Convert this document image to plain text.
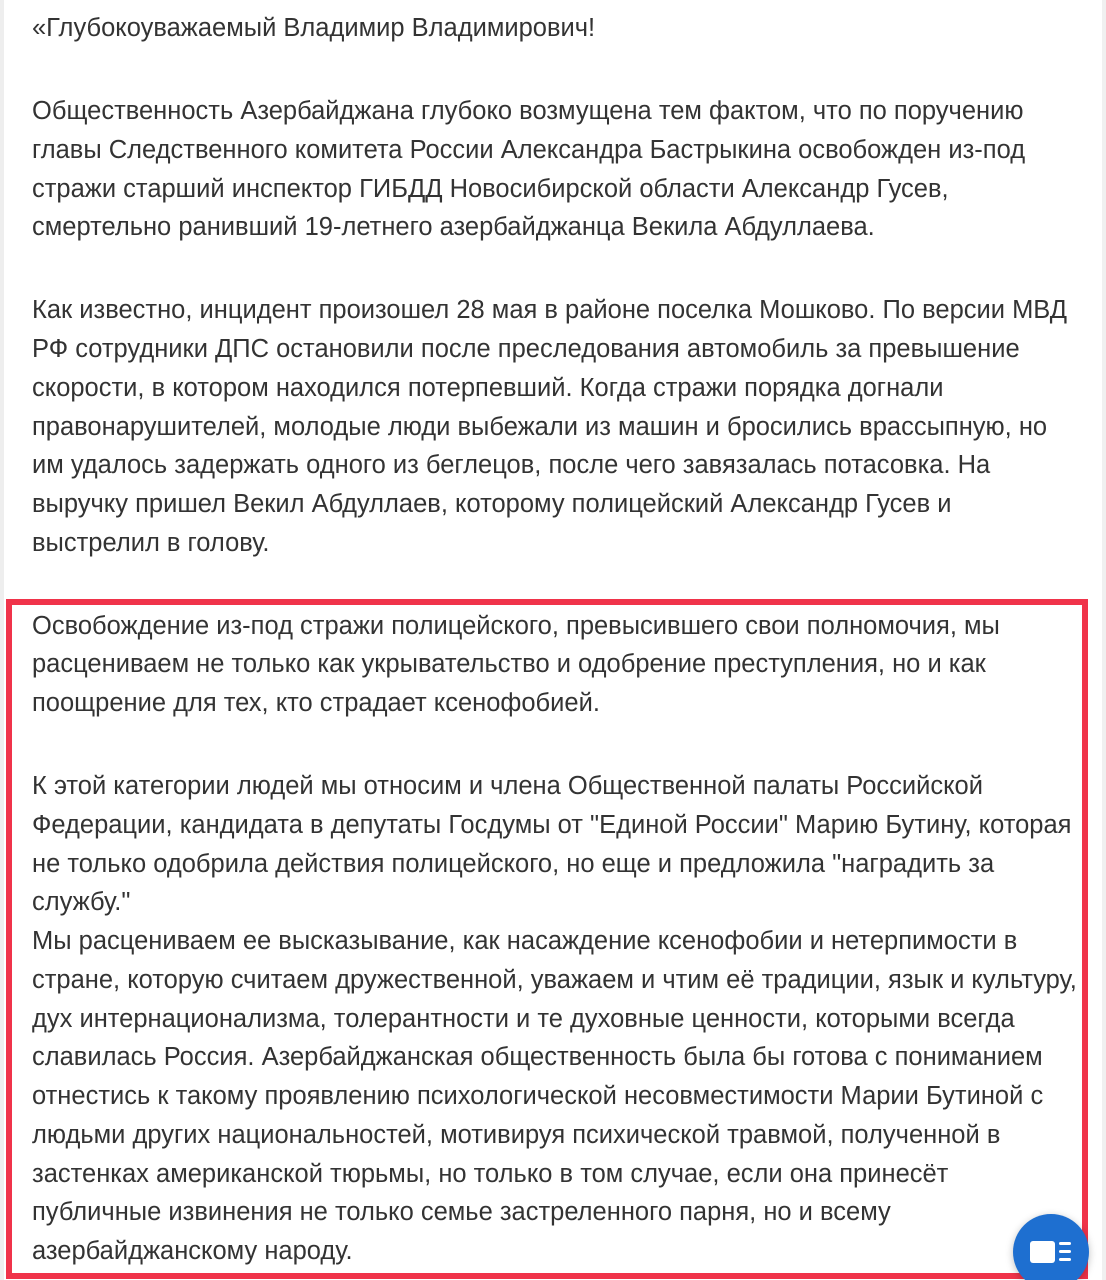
«Глубокоуважаемый Владимир Владимирович!
Общественность Азербайджана глубоко возмущена тем фактом, что по поручению
главы Следственного комитета России Александра Бастрыкина освобожден из-под
стражи старший инспектор ГИБДД Новосибирской области Александр Гусев,
смертельно ранивший 19-летнего азербайджанца Векила Абдуллаева.
Как известно, инцидент произошел 28 мая в районе поселка Мошково. По версии МВД
РФ сотрудники ДПС остановили после преследования автомобиль за превышение
скорости, в котором находился потерпевший. Когда стражи порядка догнали
правонарушителей, молодые люди выбежали из машин и бросились врассыпную, но
им удалось задержать одного из беглецов, после чего завязалась потасовка. На
выручку пришел Векил Абдуллаев, которому полицейский Александр Гусев и
выстрелил в голову.
Освобождение из-под стражи полицейского, превысившего свои полномочия, мы
расцениваем не только как укрывательство и одобрение преступления, но и как
поощрение для тех, кто страдает ксенофобией.
К этой категории людей мы относим и члена Общественной палаты Российской
Федерации, кандидата в депутаты Госдумы от "Единой России" Марию Бутину, которая
не только одобрила действия полицейского, но еще и предложила "наградить за
службу."
Мы расцениваем ее высказывание, как насаждение ксенофобии и нетерпимости в
стране, которую считаем дружественной, уважаем и чтим её традиции, язык и культуру,
дух интернационализма, толерантности и те духовные ценности, которыми всегда
славилась Россия. Азербайджанская общественность была бы готова с пониманием
отнестись к такому проявлению психологической несовместимости Марии Бутиной с
людьми других национальностей, мотивируя психической травмой, полученной в
застенках американской тюрьмы, но только в том случае, если она принесёт
публичные извинения не только семье застреленного парня, но и всему
азербайджанскому народу.
